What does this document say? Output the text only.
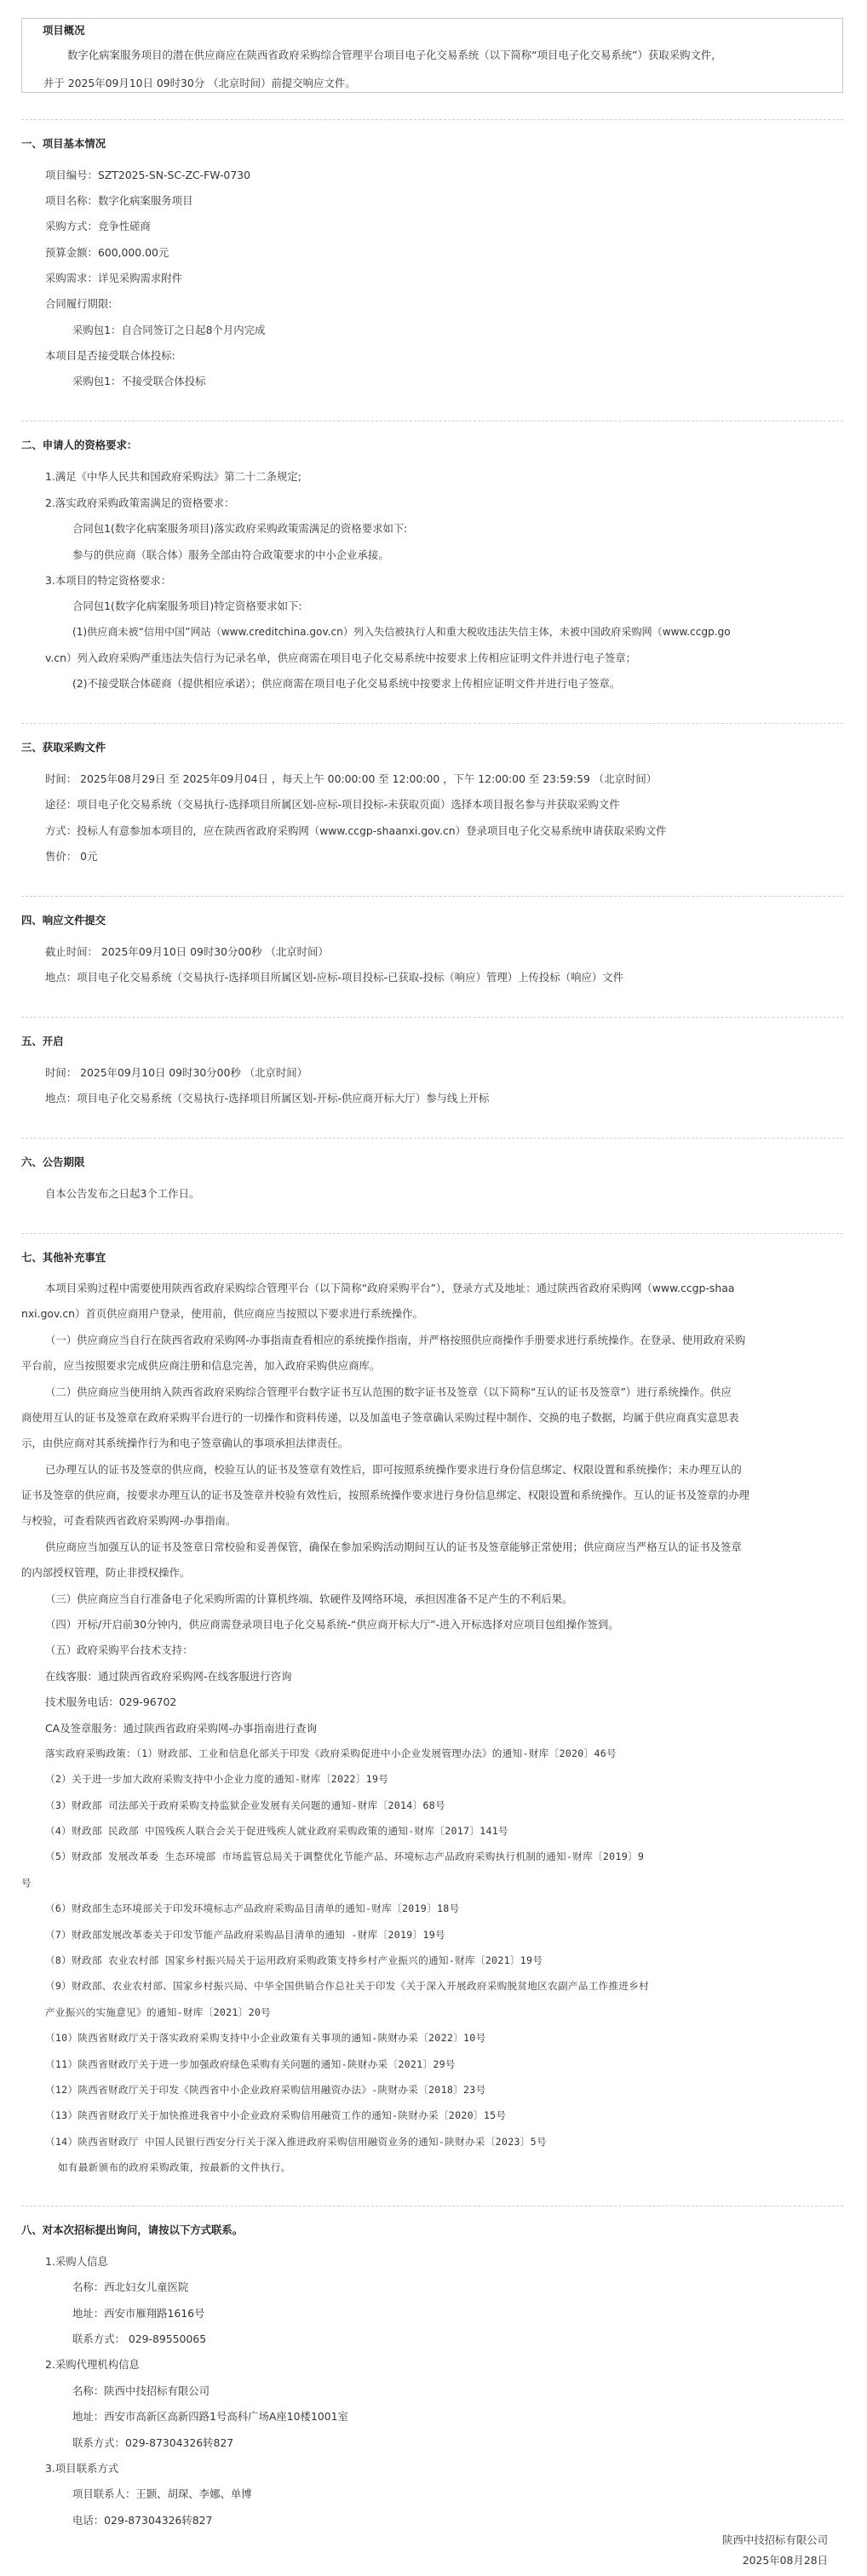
项目概况
数字化病案服务项目的潜在供应商应在陕西省政府采购综合管理平台项目电子化交易系统（以下简称“项目电子化交易系统”）获取采购文件，
并于 2025年09月10日 09时30分 （北京时间）前提交响应文件。
一、项目基本情况
项目编号：SZT2025-SN-SC-ZC-FW-0730
项目名称：数字化病案服务项目
采购方式：竞争性磋商
预算金额：600,000.00元
采购需求：详见采购需求附件
合同履行期限:
采购包1：自合同签订之日起8个月内完成
本项目是否接受联合体投标:
采购包1：不接受联合体投标
二、申请人的资格要求：
1.满足《中华人民共和国政府采购法》第二十二条规定;
2.落实政府采购政策需满足的资格要求：
合同包1(数字化病案服务项目)落实政府采购政策需满足的资格要求如下:
参与的供应商（联合体）服务全部由符合政策要求的中小企业承接。
3.本项目的特定资格要求：
合同包1(数字化病案服务项目)特定资格要求如下:
(1)供应商未被“信用中国”网站（www.creditchina.gov.cn）列入失信被执行人和重大税收违法失信主体，未被中国政府采购网（www.ccgp.go
v.cn）列入政府采购严重违法失信行为记录名单，供应商需在项目电子化交易系统中按要求上传相应证明文件并进行电子签章；
(2)不接受联合体磋商（提供相应承诺）；供应商需在项目电子化交易系统中按要求上传相应证明文件并进行电子签章。
三、获取采购文件
时间： 2025年08月29日 至 2025年09月04日 ，每天上午 00:00:00 至 12:00:00 ，下午 12:00:00 至 23:59:59 （北京时间）
途径：项目电子化交易系统（交易执行-选择项目所属区划-应标-项目投标-未获取页面）选择本项目报名参与并获取采购文件
方式：投标人有意参加本项目的，应在陕西省政府采购网（www.ccgp-shaanxi.gov.cn）登录项目电子化交易系统申请获取采购文件
售价： 0元
四、响应文件提交
截止时间： 2025年09月10日 09时30分00秒 （北京时间）
地点：项目电子化交易系统（交易执行-选择项目所属区划-应标-项目投标-已获取-投标（响应）管理）上传投标（响应）文件
五、开启
时间： 2025年09月10日 09时30分00秒 （北京时间）
地点：项目电子化交易系统（交易执行-选择项目所属区划-开标-供应商开标大厅）参与线上开标
六、公告期限
自本公告发布之日起3个工作日。
七、其他补充事宜
本项目采购过程中需要使用陕西省政府采购综合管理平台（以下简称“政府采购平台”），登录方式及地址：通过陕西省政府采购网（www.ccgp-shaa
nxi.gov.cn）首页供应商用户登录，使用前，供应商应当按照以下要求进行系统操作。
（一）供应商应当自行在陕西省政府采购网-办事指南查看相应的系统操作指南，并严格按照供应商操作手册要求进行系统操作。在登录、使用政府采购
平台前，应当按照要求完成供应商注册和信息完善，加入政府采购供应商库。
（二）供应商应当使用纳入陕西省政府采购综合管理平台数字证书互认范围的数字证书及签章（以下简称“互认的证书及签章”）进行系统操作。供应
商使用互认的证书及签章在政府采购平台进行的一切操作和资料传递，以及加盖电子签章确认采购过程中制作、交换的电子数据，均属于供应商真实意思表
示，由供应商对其系统操作行为和电子签章确认的事项承担法律责任。
已办理互认的证书及签章的供应商，校验互认的证书及签章有效性后，即可按照系统操作要求进行身份信息绑定、权限设置和系统操作；未办理互认的
证书及签章的供应商，按要求办理互认的证书及签章并校验有效性后，按照系统操作要求进行身份信息绑定、权限设置和系统操作。互认的证书及签章的办理
与校验，可查看陕西省政府采购网-办事指南。
供应商应当加强互认的证书及签章日常校验和妥善保管，确保在参加采购活动期间互认的证书及签章能够正常使用；供应商应当严格互认的证书及签章
的内部授权管理，防止非授权操作。
（三）供应商应当自行准备电子化采购所需的计算机终端、软硬件及网络环境，承担因准备不足产生的不利后果。
（四）开标/开启前30分钟内，供应商需登录项目电子化交易系统-“供应商开标大厅”-进入开标选择对应项目包组操作签到。
（五）政府采购平台技术支持：
在线客服：通过陕西省政府采购网-在线客服进行咨询
技术服务电话：029-96702
CA及签章服务：通过陕西省政府采购网-办事指南进行查询
落实政府采购政策：（1）财政部、工业和信息化部关于印发《政府采购促进中小企业发展管理办法》的通知-财库〔2020〕46号
（2）关于进一步加大政府采购支持中小企业力度的通知-财库〔2022〕19号
（3）财政部 司法部关于政府采购支持监狱企业发展有关问题的通知-财库〔2014〕68号
（4）财政部 民政部 中国残疾人联合会关于促进残疾人就业政府采购政策的通知-财库〔2017〕141号
（5）财政部 发展改革委 生态环境部 市场监管总局关于调整优化节能产品、环境标志产品政府采购执行机制的通知-财库〔2019〕9
号
（6）财政部生态环境部关于印发环境标志产品政府采购品目清单的通知-财库〔2019〕18号
（7）财政部发展改革委关于印发节能产品政府采购品目清单的通知 -财库〔2019〕19号
（8）财政部 农业农村部 国家乡村振兴局关于运用政府采购政策支持乡村产业振兴的通知-财库〔2021〕19号
（9）财政部、农业农村部、国家乡村振兴局、中华全国供销合作总社关于印发《关于深入开展政府采购脱贫地区农副产品工作推进乡村
产业振兴的实施意见》的通知-财库〔2021〕20号
（10）陕西省财政厅关于落实政府采购支持中小企业政策有关事项的通知-陕财办采〔2022〕10号
（11）陕西省财政厅关于进一步加强政府绿色采购有关问题的通知-陕财办采〔2021〕29号
（12）陕西省财政厅关于印发《陕西省中小企业政府采购信用融资办法》-陕财办采〔2018〕23号
（13）陕西省财政厅关于加快推进我省中小企业政府采购信用融资工作的通知-陕财办采〔2020〕15号
（14）陕西省财政厅 中国人民银行西安分行关于深入推进政府采购信用融资业务的通知-陕财办采〔2023〕5号
如有最新颁布的政府采购政策，按最新的文件执行。
八、对本次招标提出询问，请按以下方式联系。
1.采购人信息
名称：西北妇女儿童医院
地址：西安市雁翔路1616号
联系方式： 029-89550065
2.采购代理机构信息
名称：陕西中技招标有限公司
地址：西安市高新区高新四路1号高科广场A座10楼1001室
联系方式：029-87304326转827
3.项目联系方式
项目联系人：王颢、胡琛、李娜、单博
电话：029-87304326转827
陕西中技招标有限公司
2025年08月28日
